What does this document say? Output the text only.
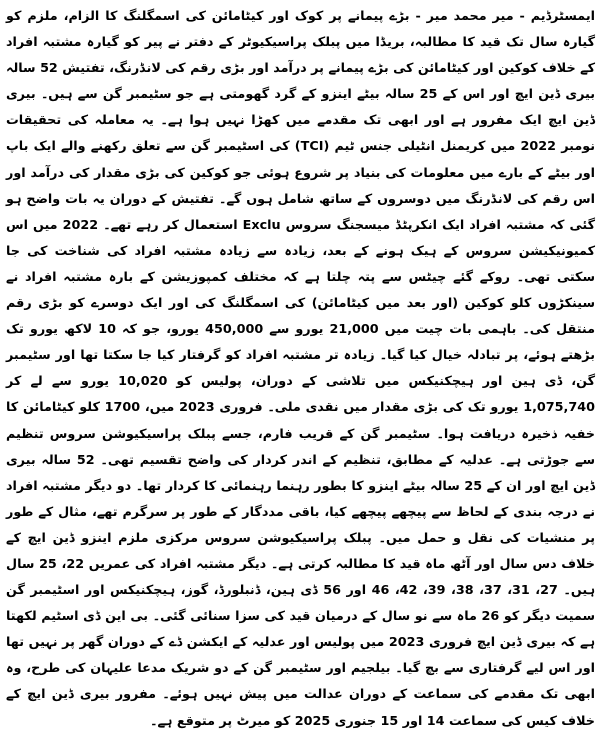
ایمسٹرڈیم - میر محمد میر - بڑے پیمانے پر کوک اور کیٹامائن کی اسمگلنگ کا الزام، ملزم کو گیارہ سال تک قید کا مطالبہ، بریڈا میں پبلک پراسیکیوٹر کے دفتر نے پیر کو گیارہ مشتبہ افراد کے خلاف کوکین اور کیٹامائن کی بڑے پیمانے پر درآمد اور بڑی رقم کی لانڈرنگ، تفتیش 52 سالہ بیری ڈین ایچ اور اس کے 25 سالہ بیٹے اینزو کے گرد گھومتی ہے جو سٹیمبر گن سے ہیں۔ بیری ڈین ایچ ایک مفرور ہے اور ابھی تک مقدمے میں کھڑا نہیں ہوا ہے۔ یہ معاملہ کی تحقیقات نومبر 2022 میں کریمنل انٹیلی جنس ٹیم (TCI) کی اسٹیمبر گن سے تعلق رکھنے والے ایک باپ اور بیٹے کے بارے میں معلومات کی بنیاد پر شروع ہوئی جو کوکین کی بڑی مقدار کی درآمد اور اس رقم کی لانڈرنگ میں دوسروں کے ساتھ شامل ہوں گے۔ تفتیش کے دوران یہ بات واضح ہو گئی کہ مشتبہ افراد ایک انکرپٹڈ میسجنگ سروس Exclu استعمال کر رہے تھے۔ 2022 میں اس کمیونیکیشن سروس کے ہیک ہونے کے بعد، زیادہ سے زیادہ مشتبہ افراد کی شناخت کی جا سکتی تھی۔ روکے گئے چیٹس سے پتہ چلتا ہے کہ مختلف کمپوزیشن کے بارہ مشتبہ افراد نے سینکڑوں کلو کوکین (اور بعد میں کیٹامائن) کی اسمگلنگ کی اور ایک دوسرے کو بڑی رقم منتقل کی۔ باہمی بات چیت میں 21,000 یورو سے 450,000 یورو، جو کہ 10 لاکھ یورو تک بڑھتے ہوئے، پر تبادلہ خیال کیا گیا۔ زیادہ تر مشتبہ افراد کو گرفتار کیا جا سکتا تھا اور سٹیمبر گن، ڈی ہین اور ہیچکنیکس میں تلاشی کے دوران، پولیس کو 10,020 یورو سے لے کر 1,075,740 یورو تک کی بڑی مقدار میں نقدی ملی۔ فروری 2023 میں، 1700 کلو کیٹامائن کا خفیہ ذخیرہ دریافت ہوا۔ سٹیمبر گن کے قریب فارم، جسے پبلک پراسیکیوشن سروس تنظیم سے جوڑتی ہے۔ عدلیہ کے مطابق، تنظیم کے اندر کردار کی واضح تقسیم تھی۔ 52 سالہ بیری ڈین ایچ اور ان کے 25 سالہ بیٹے اینزو کا بطور رہنما رہنمائی کا کردار تھا۔ دو دیگر مشتبہ افراد نے درجہ بندی کے لحاظ سے پیچھے پیچھے کیا، باقی مددگار کے طور پر سرگرم تھے، مثال کے طور پر منشیات کی نقل و حمل میں۔ پبلک پراسیکیوشن سروس مرکزی ملزم اینزو ڈین ایچ کے خلاف دس سال اور آٹھ ماہ قید کا مطالبہ کرتی ہے۔ دیگر مشتبہ افراد کی عمریں 22، 25 سال ہیں۔ 27، 31، 37، 38، 39، 42، 46 اور 56 ڈی ہین، ڈنبلورڈ، گوز، ہیچکنیکس اور اسٹیمبر گن سمیت دیگر کو 26 ماہ سے نو سال کے درمیان قید کی سزا سنائی گئی۔ بی این ڈی اسٹیم لکھتا ہے کہ بیری ڈین ایچ فروری 2023 میں پولیس اور عدلیہ کے ایکشن ڈے کے دوران گھر پر نہیں تھا اور اس لیے گرفتاری سے بچ گیا۔ بیلجیم اور سٹیمبر گن کے دو شریک مدعا علیہان کی طرح، وہ ابھی تک مقدمے کی سماعت کے دوران عدالت میں پیش نہیں ہوئے۔ مفرور بیری ڈین ایچ کے خلاف کیس کی سماعت 14 اور 15 جنوری 2025 کو میرٹ پر متوقع ہے۔
